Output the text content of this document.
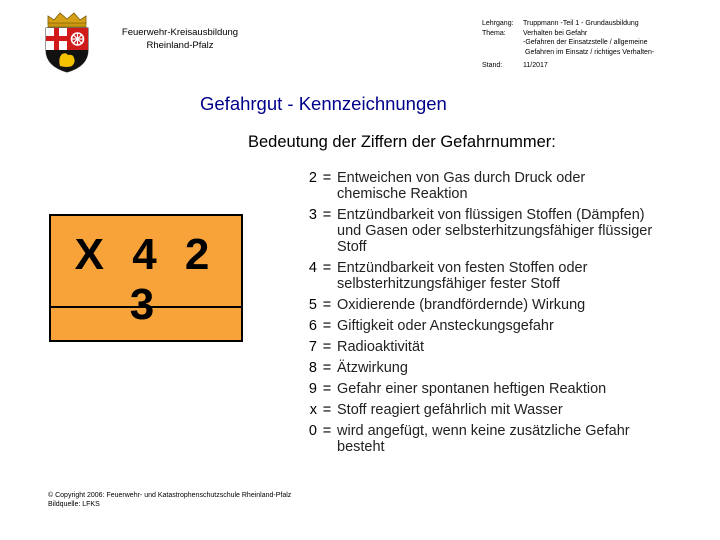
Feuerwehr-Kreisausbildung
Rheinland-Pfalz
Lehrgang:
Thema:
Truppmann -Teil 1 - Grundausbildung
Verhalten bei Gefahr
-Gefahren der Einsatzstelle / allgemeine
Gefahren im Einsatz / richtiges Verhalten-
Stand:	11/2017
Gefahrgut - Kennzeichnungen
Bedeutung der Ziffern der Gefahrnummer:
X 4 2 3
2 = Entweichen von Gas durch Druck oder
chemische Reaktion
3 = Entzündbarkeit von flüssigen Stoffen (Dämpfen)
und Gasen oder selbsterhitzungsfähiger flüssiger
Stoff
4 = Entzündbarkeit von festen Stoffen oder
selbsterhitzungsfähiger fester Stoff
5 = Oxidierende (brandfördernde) Wirkung
6 = Giftigkeit oder Ansteckungsgefahr
7 = Radioaktivität
8 = Ätzwirkung
9 = Gefahr einer spontanen heftigen Reaktion
x = Stoff reagiert gefährlich mit Wasser
0 = wird angefügt, wenn keine zusätzliche Gefahr
besteht
© Copyright 2006: Feuerwehr- und Katastrophenschutzschule Rheinland-Pfalz
Bildquelle: LFKS
